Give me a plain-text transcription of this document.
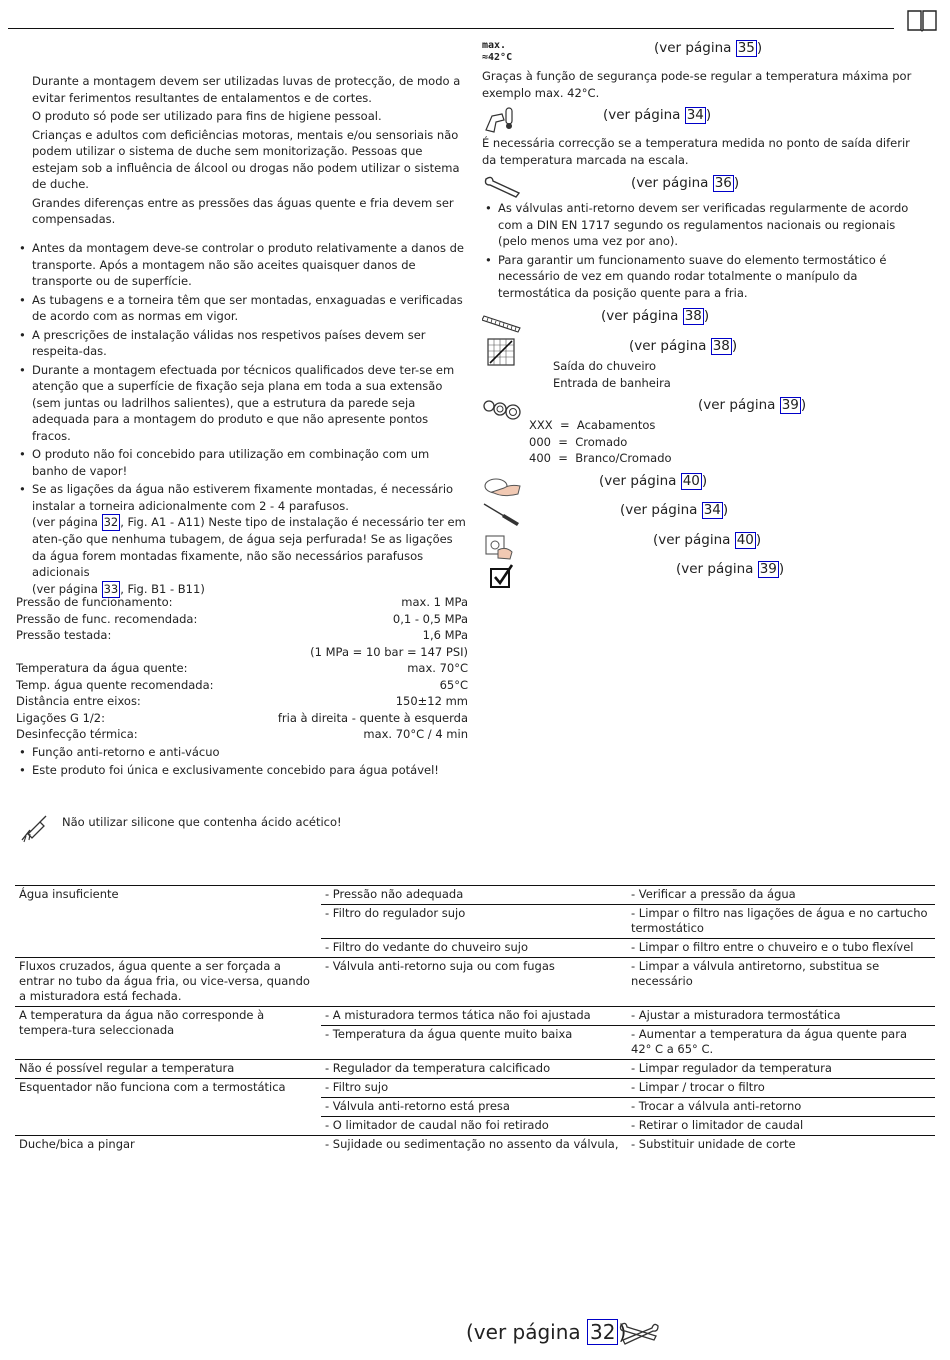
Durante a montagem devem ser utilizadas luvas de protecção, de modo a evitar ferimentos resultantes de entalamentos e de cortes.

O produto só pode ser utilizado para fins de higiene pessoal.

Crianças e adultos com deficiências motoras, mentais e/ou sensoriais não podem utilizar o sistema de duche sem monitorização. Pessoas que estejam sob a influência de álcool ou drogas não podem utilizar o sistema de duche.

Grandes diferenças entre as pressões das águas quente e fria devem ser compensadas.

• Antes da montagem deve-se controlar o produto relativamente a danos de transporte. Após a montagem não são aceites quaisquer danos de transporte ou de superfície.
• As tubagens e a torneira têm que ser montadas, enxaguadas e verificadas de acordo com as normas em vigor.
• A prescrições de instalação válidas nos respetivos países devem ser respeita-das.
• Durante a montagem efectuada por técnicos qualificados deve ter-se em atenção que a superfície de fixação seja plana em toda a sua extensão (sem juntas ou ladrilhos salientes), que a estrutura da parede seja adequada para a montagem do produto e que não apresente pontos fracos.
• O produto não foi concebido para utilização em combinação com um banho de vapor!
• Se as ligações da água não estiverem fixamente montadas, é necessário instalar a torneira adicionalmente com 2 - 4 parafusos.
(ver página 32 , Fig. A1 - A11) Neste tipo de instalação é necessário ter em aten-ção que nenhuma tubagem, de água seja perfurada! Se as ligações da água forem montadas fixamente, não são necessários parafusos adicionais
(ver página 33 , Fig. B1 - B11)
Pressão de funcionamento:	max. 1 MPa
Pressão de func. recomendada:	0,1 - 0,5 MPa
Pressão testada:	1,6 MPa
(1 MPa = 10 bar = 147 PSI)
Temperatura da água quente:	max. 70°C
Temp. água quente recomendada:	65°C
Distância entre eixos:	150±12 mm
Ligações G 1/2:	fria à direita - quente à esquerda
Desinfecção térmica:	max. 70°C / 4 min
• Função anti-retorno e anti-vácuo
• Este produto foi única e exclusivamente concebido para água potável!
Não utilizar silicone que contenha ácido acético!
max.
≈42°C
(ver página 35 )
Graças à função de segurança pode-se regular a temperatura máxima por exemplo max. 42°C.
(ver página 34 )
É necessária correcção se a temperatura medida no ponto de saída diferir da temperatura marcada na escala.
(ver página 36 )
• As válvulas anti-retorno devem ser verificadas regularmente de acordo com a DIN EN 1717 segundo os regulamentos nacionais ou regionais (pelo menos uma vez por ano).
• Para garantir um funcionamento suave do elemento termostático é necessário de vez em quando rodar totalmente o manípulo da termostática da posição quente para a fria.
(ver página 38 )
(ver página 38 )
Saída do chuveiro
Entrada de banheira
(ver página 39 )
XXX = Acabamentos
000 = Cromado
400 = Branco/Cromado
(ver página 40 )
(ver página 34 )
(ver página 40 )
(ver página 39 )
Água insuficiente	- Pressão não adequada	- Verificar a pressão da água
	- Filtro do regulador sujo	- Limpar o filtro nas ligações de água e no cartucho termostático
	- Filtro do vedante do chuveiro sujo	- Limpar o filtro entre o chuveiro e o tubo flexível
Fluxos cruzados, água quente a ser forçada a entrar no tubo da água fria, ou vice-versa, quando a misturadora está fechada.	- Válvula anti-retorno suja ou com fugas	- Limpar a válvula antiretorno, substitua se necessário
A temperatura da água não corresponde à tempera-tura seleccionada	- A misturadora termos tática não foi ajustada	- Ajustar a misturadora termostática
	- Temperatura da água quente muito baixa	- Aumentar a temperatura da água quente para 42° C a 65° C.
Não é possível regular a temperatura	- Regulador da temperatura calcificado	- Limpar regulador da temperatura
Esquentador não funciona com a termostática	- Filtro sujo	- Limpar / trocar o filtro
	- Válvula anti-retorno está presa	- Trocar a válvula anti-retorno
	- O limitador de caudal não foi retirado	- Retirar o limitador de caudal
Duche/bica a pingar	- Sujidade ou sedimentação no assento da válvula,	- Substituir unidade de corte
(ver página 32 )
